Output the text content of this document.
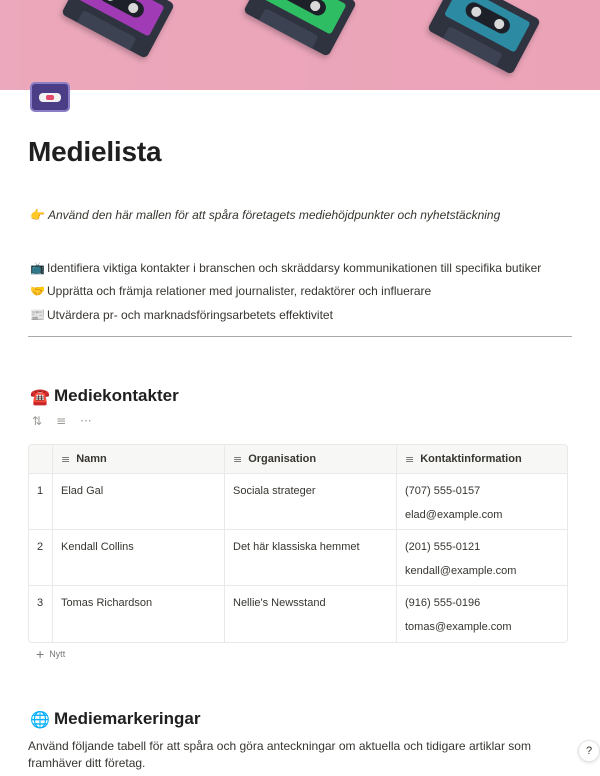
Medielista
👉 Använd den här mallen för att spåra företagets mediehöjdpunkter och nyhetstäckning
📺 Identifiera viktiga kontakter i branschen och skräddarsy kommunikationen till specifika butiker
🤝 Upprätta och främja relationer med journalister, redaktörer och influerare
📰 Utvärdera pr- och marknadsföringsarbetets effektivitet
☎️ Mediekontakter
⇅ ≡ ···
≡ Namn	≡ Organisation	≡ Kontaktinformation
1	Elad Gal	Sociala strateger	(707) 555-0157
elad@example.com
2	Kendall Collins	Det här klassiska hemmet	(201) 555-0121
kendall@example.com
3	Tomas Richardson	Nellie's Newsstand	(916) 555-0196
tomas@example.com
+ Nytt
🌐 Mediemarkeringar
Använd följande tabell för att spåra och göra anteckningar om aktuella och tidigare artiklar som framhäver ditt företag.
?
